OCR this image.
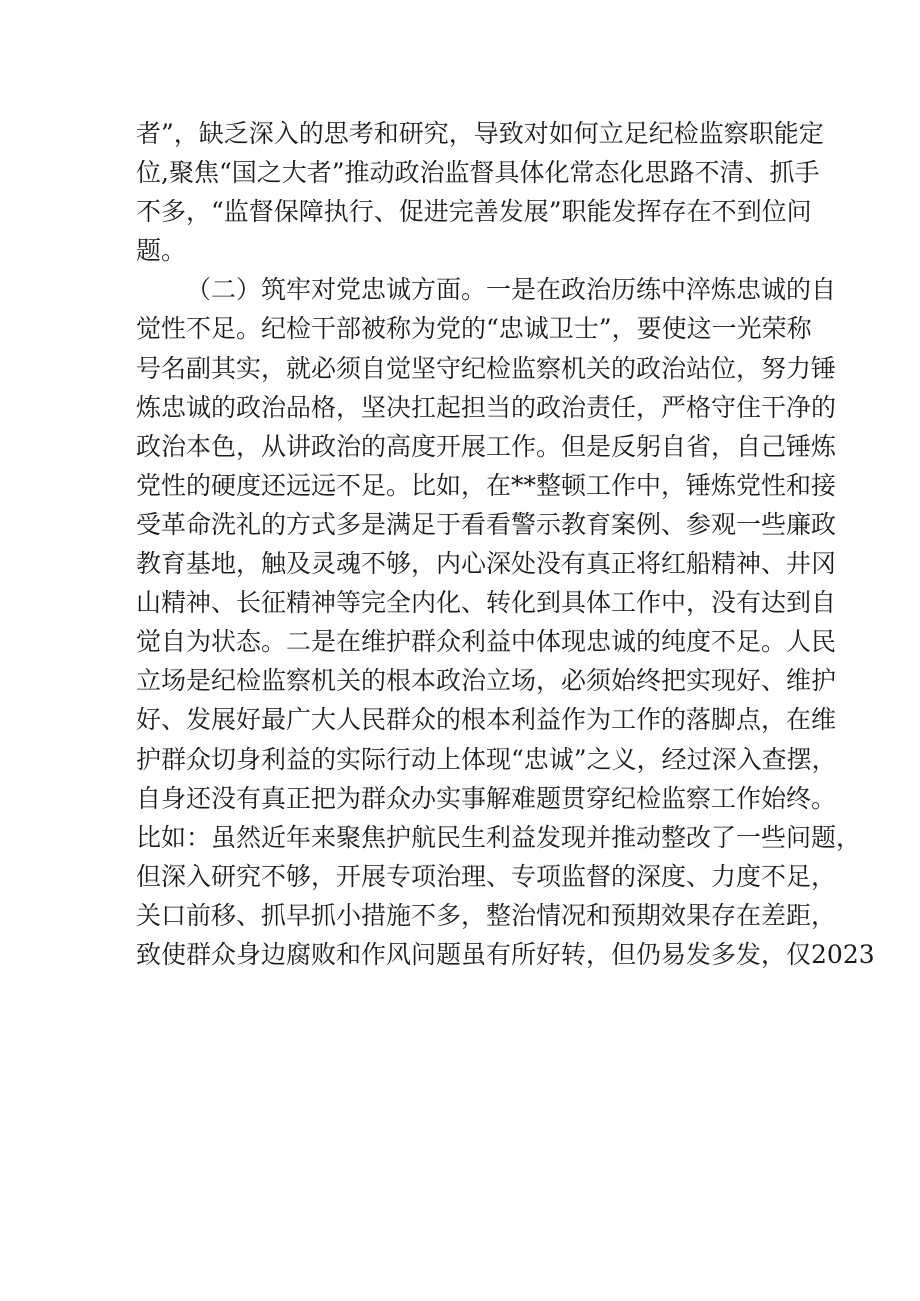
者”，缺乏深入的思考和研究，导致对如何立足纪检监察职能定
位,聚焦“国之大者”推动政治监督具体化常态化思路不清、抓手
不多，“监督保障执行、促进完善发展”职能发挥存在不到位问
题。
（二）筑牢对党忠诚方面。一是在政治历练中淬炼忠诚的自
觉性不足。纪检干部被称为党的“忠诚卫士”，要使这一光荣称
号名副其实，就必须自觉坚守纪检监察机关的政治站位，努力锤
炼忠诚的政治品格，坚决扛起担当的政治责任，严格守住干净的
政治本色，从讲政治的高度开展工作。但是反躬自省，自己锤炼
党性的硬度还远远不足。比如，在**整顿工作中，锤炼党性和接
受革命洗礼的方式多是满足于看看警示教育案例、参观一些廉政
教育基地，触及灵魂不够，内心深处没有真正将红船精神、井冈
山精神、长征精神等完全内化、转化到具体工作中，没有达到自
觉自为状态。二是在维护群众利益中体现忠诚的纯度不足。人民
立场是纪检监察机关的根本政治立场，必须始终把实现好、维护
好、发展好最广大人民群众的根本利益作为工作的落脚点，在维
护群众切身利益的实际行动上体现“忠诚”之义，经过深入查摆，
自身还没有真正把为群众办实事解难题贯穿纪检监察工作始终。
比如：虽然近年来聚焦护航民生利益发现并推动整改了一些问题，
但深入研究不够，开展专项治理、专项监督的深度、力度不足，
关口前移、抓早抓小措施不多，整治情况和预期效果存在差距，
致使群众身边腐败和作风问题虽有所好转，但仍易发多发，仅2023
